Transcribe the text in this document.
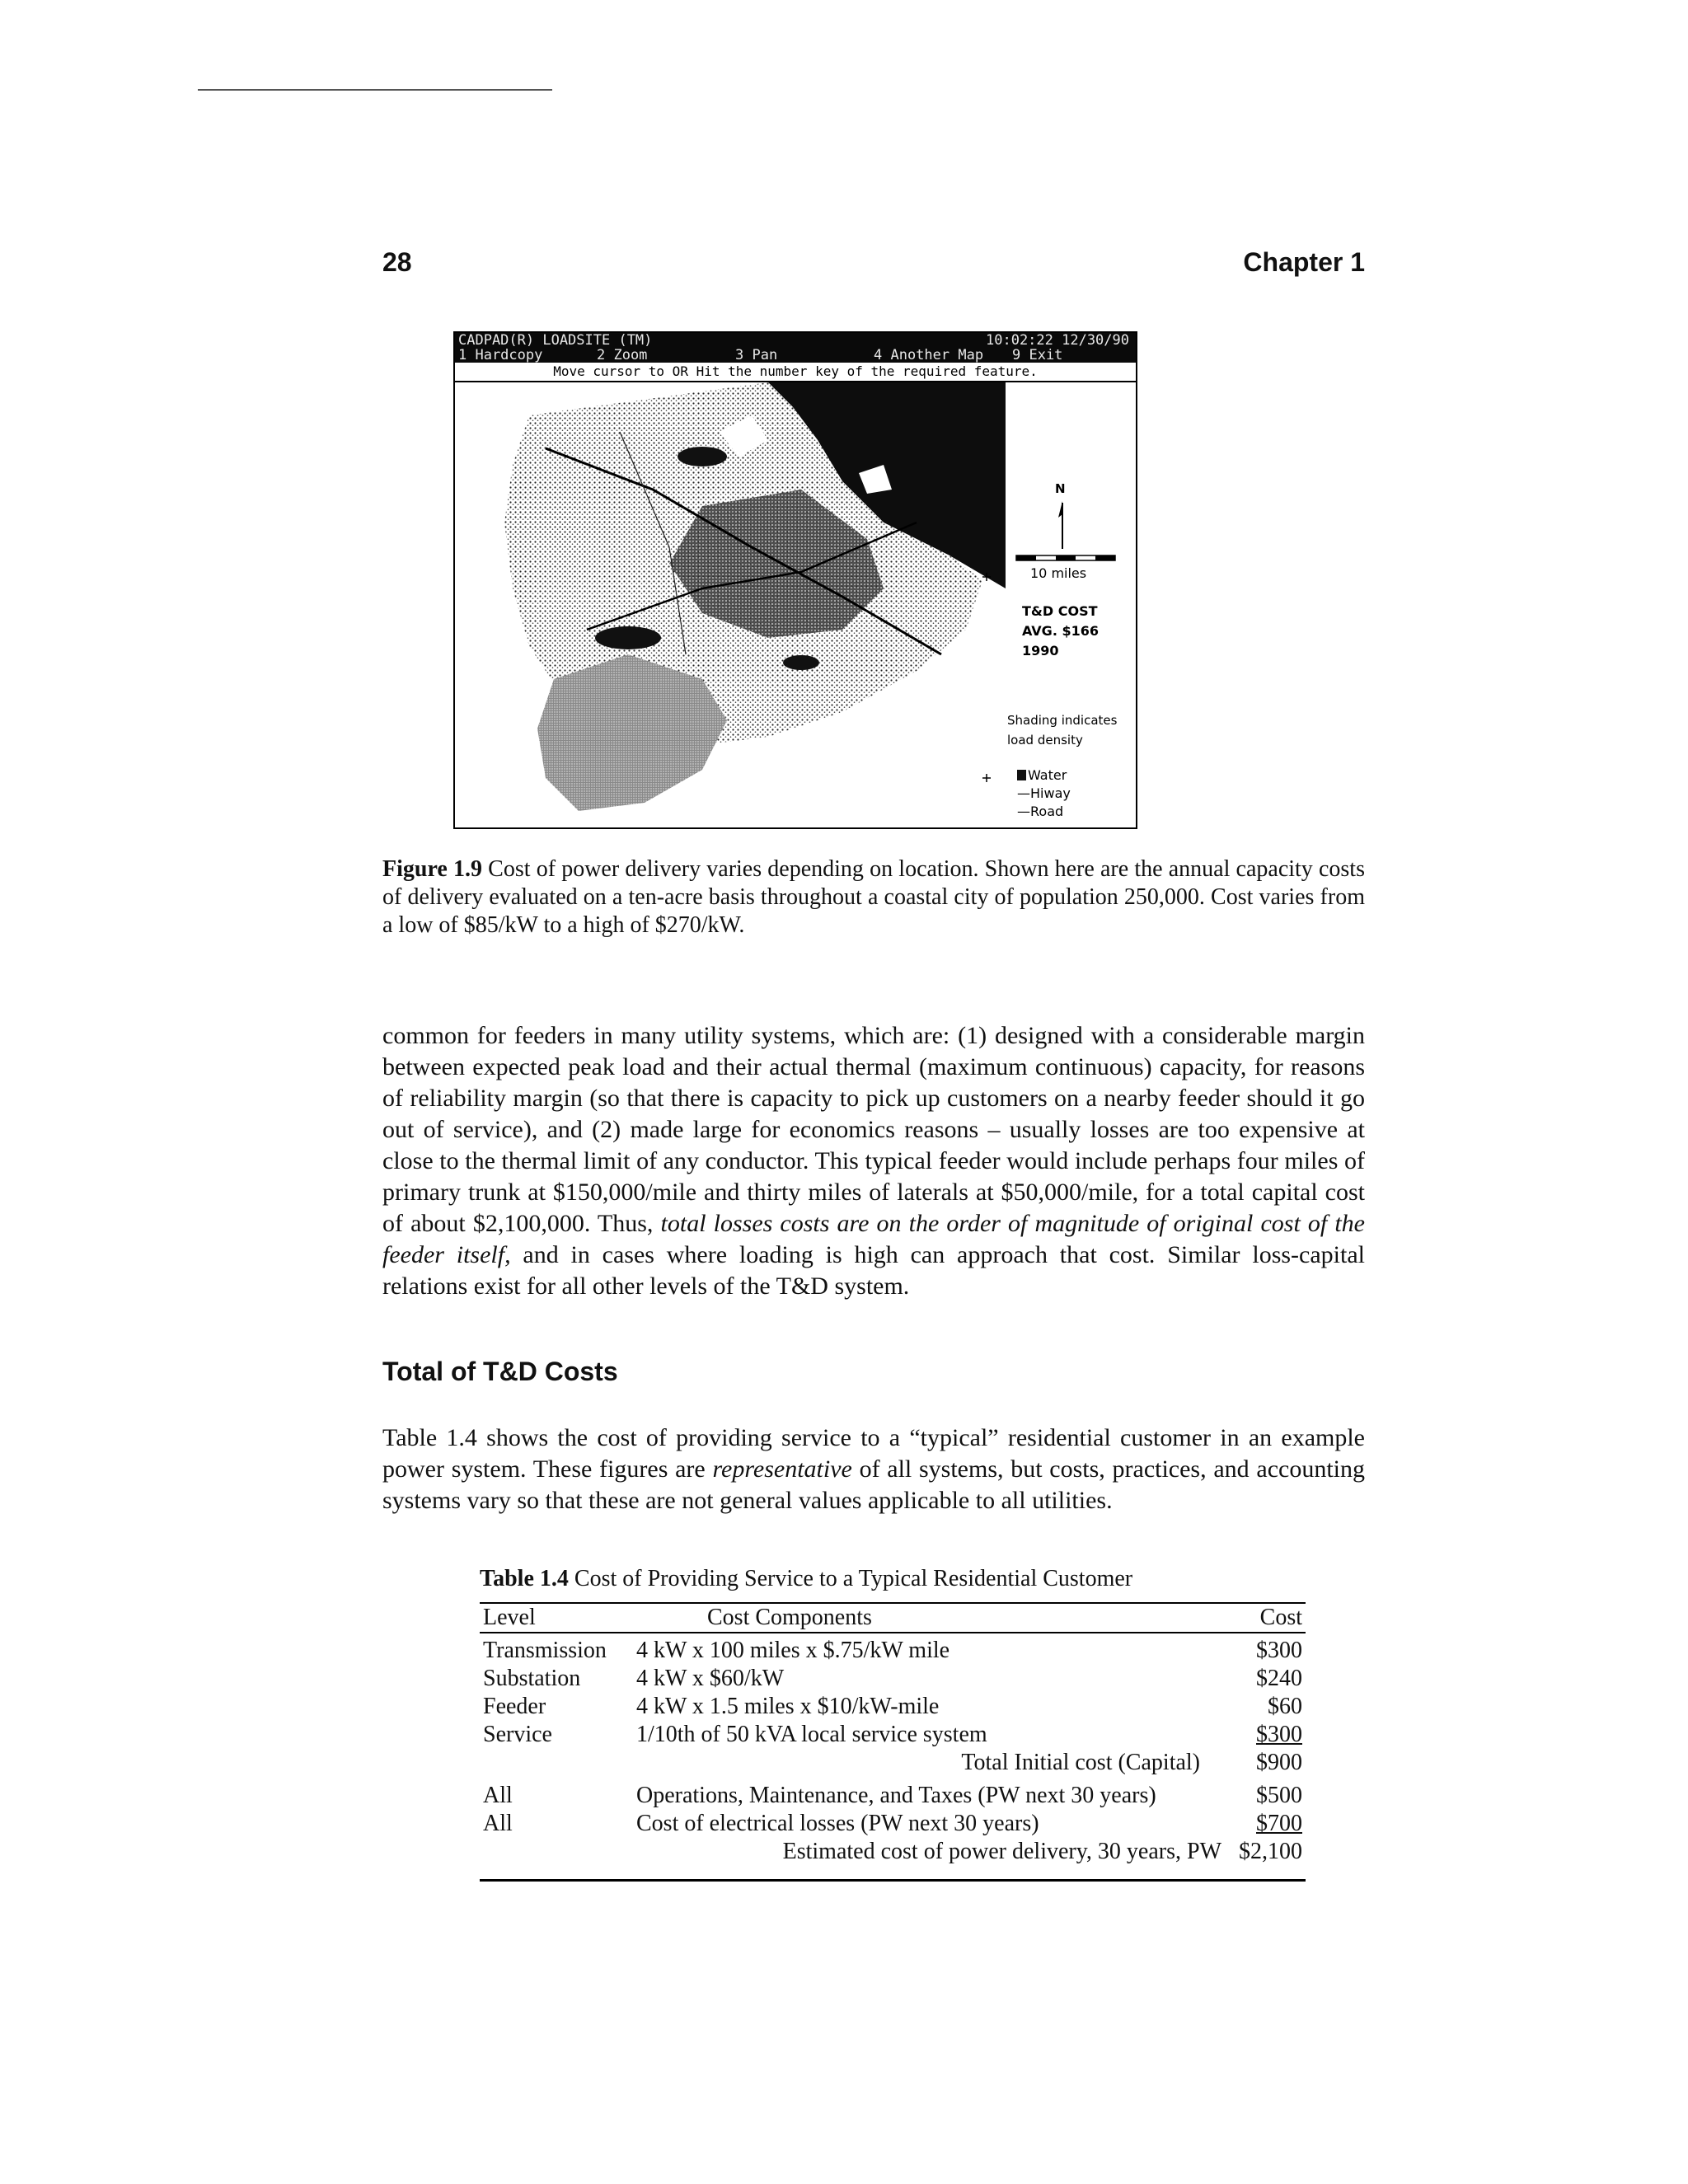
28	Chapter 1
CADPAD(R) LOADSITE (TM)	10:02:22 12/30/90
1 Hardcopy	2 Zoom	3 Pan	4 Another Map	9 Exit
Move cursor to OR Hit the number key of the required feature.
N
10 miles
T&D COST
AVG. $166
1990
Shading indicates
load density
Water
—Hiway
—Road
Figure 1.9 Cost of power delivery varies depending on location. Shown here are the annual capacity costs of delivery evaluated on a ten-acre basis throughout a coastal city of population 250,000. Cost varies from a low of $85/kW to a high of $270/kW.

common for feeders in many utility systems, which are: (1) designed with a considerable margin between expected peak load and their actual thermal (maximum continuous) capacity, for reasons of reliability margin (so that there is capacity to pick up customers on a nearby feeder should it go out of service), and (2) made large for economics reasons – usually losses are too expensive at close to the thermal limit of any conductor. This typical feeder would include perhaps four miles of primary trunk at $150,000/mile and thirty miles of laterals at $50,000/mile, for a total capital cost of about $2,100,000. Thus, total losses costs are on the order of magnitude of original cost of the feeder itself, and in cases where loading is high can approach that cost. Similar loss-capital relations exist for all other levels of the T&D system.

Total of T&D Costs

Table 1.4 shows the cost of providing service to a “typical” residential customer in an example power system. These figures are representative of all systems, but costs, practices, and accounting systems vary so that these are not general values applicable to all utilities.

Table 1.4 Cost of Providing Service to a Typical Residential Customer
Level	Cost Components	Cost
Transmission 4 kW x 100 miles x $.75/kW mile	$300
Substation 4 kW x $60/kW	$240
Feeder	4 kW x 1.5 miles x $10/kW-mile	$60
Service	1/10th of 50 kVA local service system	$300
Total Initial cost (Capital) $900
All	Operations, Maintenance, and Taxes (PW next 30 years)	$500
All	Cost of electrical losses (PW next 30 years)	$700
Estimated cost of power delivery, 30 years, PW $2,100
